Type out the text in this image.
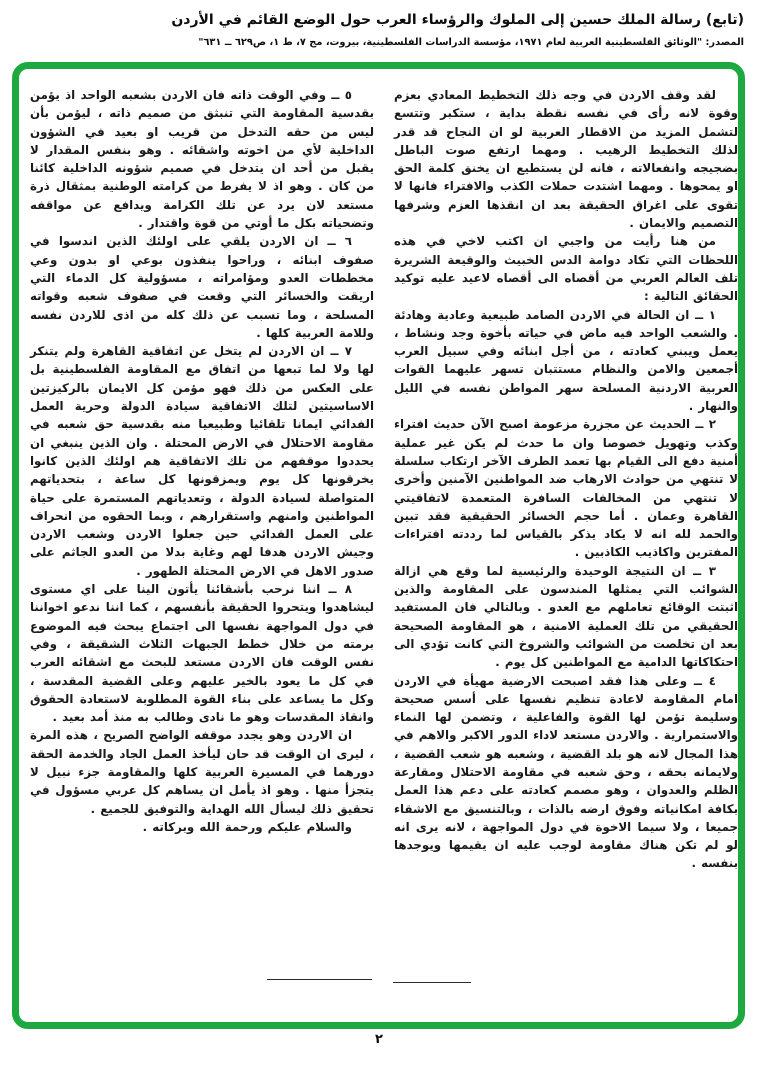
(تابع) رسالة الملك حسين إلى الملوك والرؤساء العرب حول الوضع القائم في الأردن
المصدر: "الوثائق الفلسطينية العربية لعام ١٩٧١، مؤسسة الدراسات الفلسطينية، بيروت، مج ٧، ط ١، ص٦٢٩ ــ ٦٣١"

لقد وقف الاردن في وجه ذلك التخطيط المعادي بعزم وقوة لانه رأى في نفسه نقطة بداية ، ستكبر وتتسع لتشمل المزيد من الاقطار العربية لو ان النجاح قد قدر لذلك التخطيط الرهيب . ومهما ارتفع صوت الباطل بضجيجه وانفعالاته ، فانه لن يستطيع ان يخنق كلمة الحق او يمحوها . ومهما اشتدت حملات الكذب والافتراء فانها لا تقوى على اغراق الحقيقة بعد ان انقذها العزم وشرفها التصميم والايمان .

من هنا رأيت من واجبي ان اكتب لاخي في هذه اللحظات التي تكاد دوامة الدس الخبيث والوقيعة الشريرة تلف العالم العربي من أقصاه الى أقصاه لاعيد عليه توكيد الحقائق التالية :

١ ــ ان الحالة في الاردن الصامد طبيعية وعادية وهادئة . والشعب الواحد فيه ماض في حياته بأخوة وجد ونشاط ، يعمل ويبني كعادته ، من أجل ابنائه وفي سبيل العرب أجمعين والامن والنظام مستتبان تسهر عليهما القوات العربية الاردنية المسلحة سهر المواطن نفسه في الليل والنهار .

٢ ــ الحديث عن مجزرة مزعومة اصبح الآن حديث افتراء وكذب وتهويل خصوصا وان ما حدث لم يكن غير عملية أمنية دفع الى القيام بها تعمد الطرف الآخر ارتكاب سلسلة لا تنتهي من حوادث الارهاب ضد المواطنين الآمنين وأخرى لا تنتهي من المخالفات السافرة المتعمدة لاتفاقيتي القاهرة وعمان . أما حجم الخسائر الحقيقية فقد تبين والحمد لله انه لا يكاد يذكر بالقياس لما رددته افتراءات المفترين واكاذيب الكاذبين .

٣ ــ ان النتيجة الوحيدة والرئيسية لما وقع هي ازالة الشوائب التي يمثلها المندسون على المقاومة والذين اثبتت الوقائع تعاملهم مع العدو . وبالتالي فان المستفيد الحقيقي من تلك العملية الامنية ، هو المقاومة الصحيحة بعد ان تخلصت من الشوائب والشروخ التي كانت تؤدي الى احتكاكاتها الدامية مع المواطنين كل يوم .

٤ ــ وعلى هذا فقد اصبحت الارضية مهيأة في الاردن امام المقاومة لاعادة تنظيم نفسها على أسس صحيحة وسليمة تؤمن لها القوة والفاعلية ، وتضمن لها النماء والاستمرارية . والاردن مستعد لاداء الدور الاكبر والاهم في هذا المجال لانه هو بلد القضية ، وشعبه هو شعب القضية ، ولايمانه بحقه ، وحق شعبه في مقاومة الاحتلال ومقارعة الظلم والعدوان ، وهو مصمم كعادته على دعم هذا العمل بكافة امكانياته وفوق ارضه بالذات ، وبالتنسيق مع الاشقاء جميعا ، ولا سيما الاخوة في دول المواجهة ، لانه يرى انه لو لم تكن هناك مقاومة لوجب عليه ان يقيمها ويوجدها بنفسه .

٥ ــ وفي الوقت ذاته فان الاردن بشعبه الواحد اذ يؤمن بقدسية المقاومة التي تنبثق من صميم ذاته ، ليؤمن بأن ليس من حقه التدخل من قريب او بعيد في الشؤون الداخلية لأي من اخوته واشقائه . وهو بنفس المقدار لا يقبل من أحد ان يتدخل في صميم شؤونه الداخلية كائنا من كان . وهو اذ لا يفرط من كرامته الوطنية بمثقال ذرة مستعد لان يرد عن تلك الكرامة ويدافع عن مواقفه وتضحياته بكل ما أوتي من قوة واقتدار .

٦ ــ ان الاردن يلقي على اولئك الذين اندسوا في صفوف ابنائه ، وراحوا ينفذون بوعي او بدون وعي مخططات العدو ومؤامراته ، مسؤولية كل الدماء التي اريقت والخسائر التي وقعت في صفوف شعبه وقواته المسلحة ، وما تسبب عن ذلك كله من اذى للاردن نفسه وللامة العربية كلها .

٧ ــ ان الاردن لم يتخل عن اتفاقية القاهرة ولم يتنكر لها ولا لما تبعها من اتفاق مع المقاومة الفلسطينية بل على العكس من ذلك فهو مؤمن كل الايمان بالركيزتين الاساسيتين لتلك الاتفاقية سيادة الدولة وحرية العمل الفدائي ايمانا تلقائيا وطبيعيا منه بقدسية حق شعبه في مقاومة الاحتلال في الارض المحتلة . وان الذين ينبغي ان يحددوا موقفهم من تلك الاتفاقية هم اولئك الذين كانوا يخرقونها كل يوم ويمزقونها كل ساعة ، بتحدياتهم المتواصلة لسيادة الدولة ، وتعدياتهم المستمرة على حياة المواطنين وامنهم واستقرارهم ، وبما الحقوه من انحراف على العمل الفدائي حين جعلوا الاردن وشعب الاردن وجيش الاردن هدفا لهم وغاية بدلا من العدو الجاثم على صدور الاهل في الارض المحتلة الطهور .

٨ ــ اننا نرحب بأشقائنا يأتون الينا على اي مستوى ليشاهدوا ويتحروا الحقيقة بأنفسهم ، كما اننا ندعو اخواننا في دول المواجهة نفسها الى اجتماع يبحث فيه الموضوع برمته من خلال خطط الجبهات الثلاث الشقيقة ، وفي نفس الوقت فان الاردن مستعد للبحث مع اشقائه العرب في كل ما يعود بالخير عليهم وعلى القضية المقدسة ، وكل ما يساعد على بناء القوة المطلوبة لاستعادة الحقوق وانقاذ المقدسات وهو ما نادى وطالب به منذ أمد بعيد .

ان الاردن وهو يجدد موقفه الواضح الصريح ، هذه المرة ، ليرى ان الوقت قد حان ليأخذ العمل الجاد والخدمة الحقة دورهما في المسيرة العربية كلها والمقاومة جزء نبيل لا يتجزأ منها . وهو اذ يأمل ان يساهم كل عربي مسؤول في تحقيق ذلك ليسأل الله الهداية والتوفيق للجميع .

والسلام عليكم ورحمة الله وبركاته .

٢
